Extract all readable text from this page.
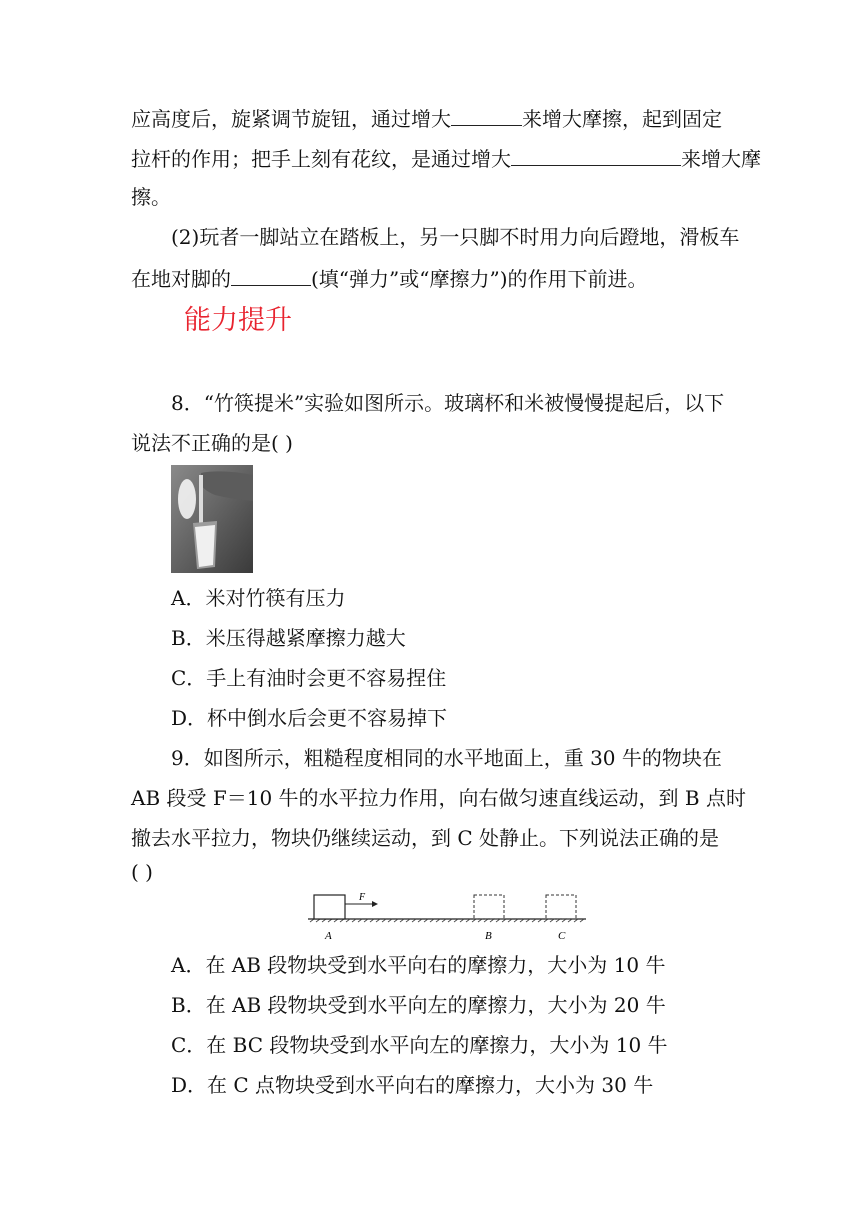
应高度后，旋紧调节旋钮，通过增大	来增大摩擦，起到固定
拉杆的作用；把手上刻有花纹，是通过增大	来增大摩
擦。
(2)玩者一脚站立在踏板上，另一只脚不时用力向后蹬地，滑板车
在地对脚的	(填“弹力”或“摩擦力”)的作用下前进。
能力提升
8．“竹筷提米”实验如图所示。玻璃杯和米被慢慢提起后，以下
说法不正确的是( )
A．米对竹筷有压力
B．米压得越紧摩擦力越大
C．手上有油时会更不容易捏住
D．杯中倒水后会更不容易掉下
9．如图所示，粗糙程度相同的水平地面上，重 30 牛的物块在
AB 段受 F＝10 牛的水平拉力作用，向右做匀速直线运动，到 B 点时
撤去水平拉力，物块仍继续运动，到 C 处静止。下列说法正确的是
( )
F
A	B	C
A．在 AB 段物块受到水平向右的摩擦力，大小为 10 牛
B．在 AB 段物块受到水平向左的摩擦力，大小为 20 牛
C．在 BC 段物块受到水平向左的摩擦力，大小为 10 牛
D．在 C 点物块受到水平向右的摩擦力，大小为 30 牛
